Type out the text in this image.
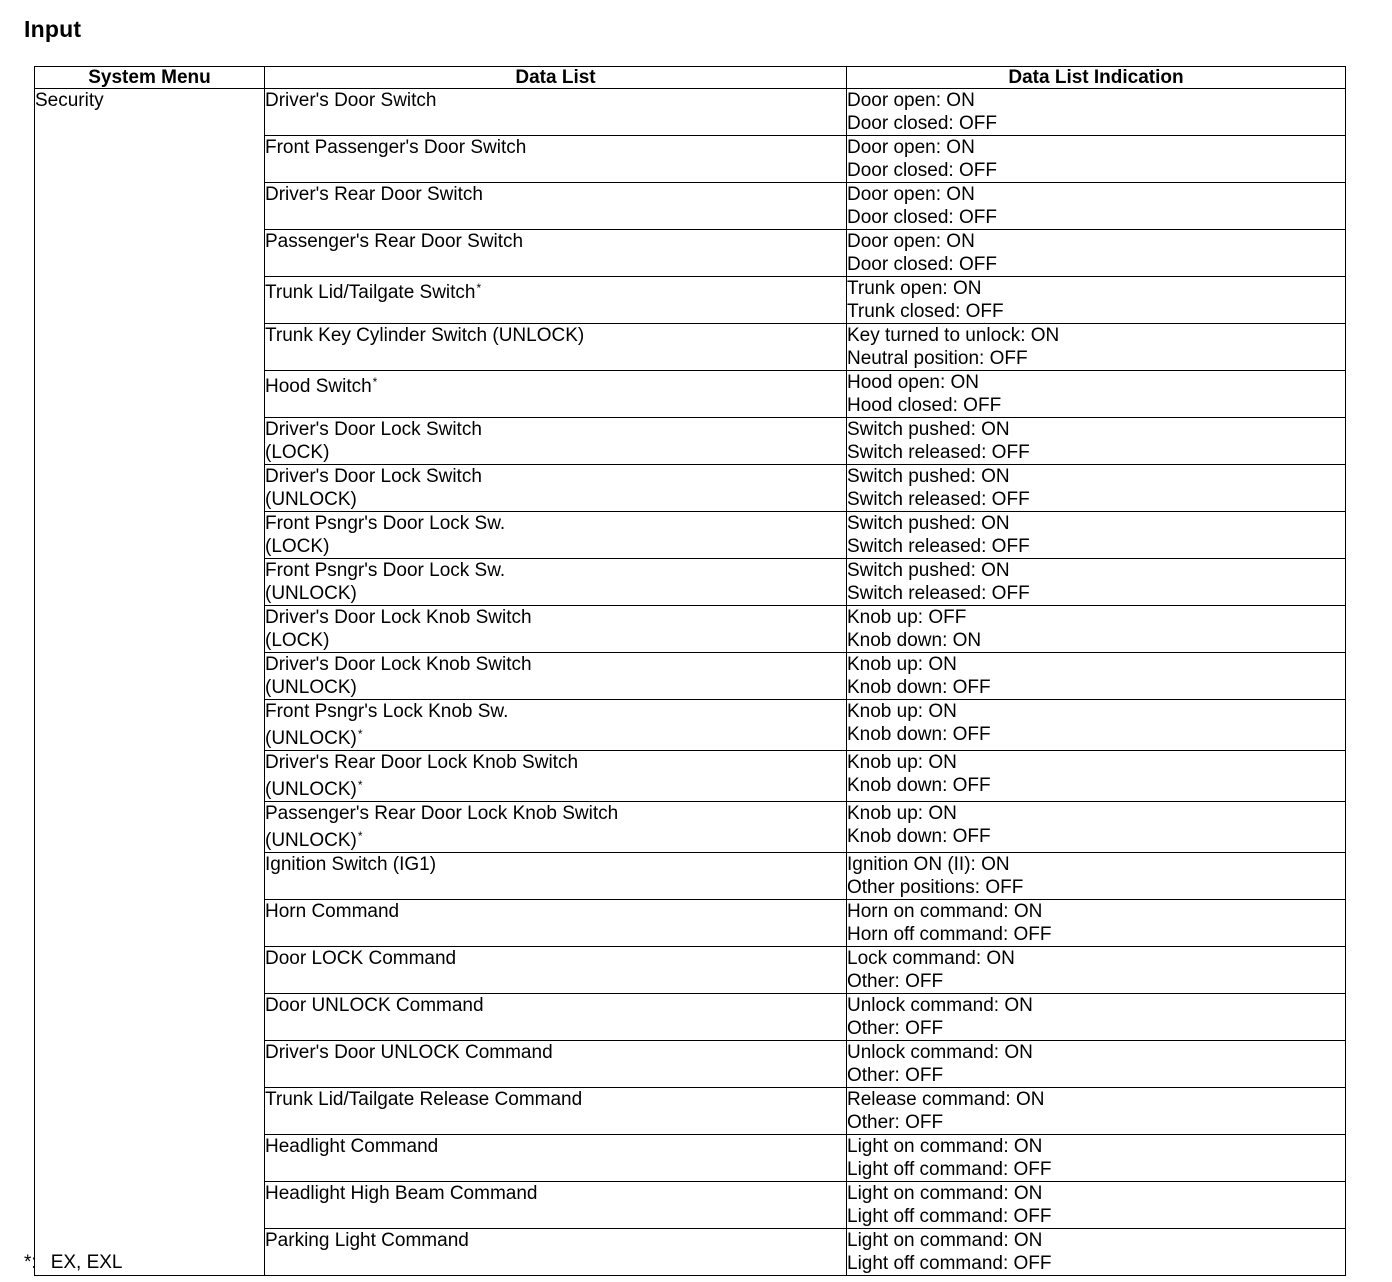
Input
System Menu	Data List	Data List Indication
Security	Driver's Door Switch	Door open: ON
Door closed: OFF

	Front Passenger's Door Switch	Door open: ON
Door closed: OFF

	Driver's Rear Door Switch	Door open: ON
Door closed: OFF

	Passenger's Rear Door Switch	Door open: ON
Door closed: OFF

	Trunk Lid/Tailgate Switch*	Trunk open: ON
Trunk closed: OFF

	Trunk Key Cylinder Switch (UNLOCK)	Key turned to unlock: ON
Neutral position: OFF

	Hood Switch*	Hood open: ON
Hood closed: OFF

	Driver's Door Lock Switch
(LOCK)	Switch pushed: ON
Switch released: OFF

	Driver's Door Lock Switch
(UNLOCK)	Switch pushed: ON
Switch released: OFF

	Front Psngr's Door Lock Sw.
(LOCK)	Switch pushed: ON
Switch released: OFF

	Front Psngr's Door Lock Sw.
(UNLOCK)	Switch pushed: ON
Switch released: OFF

	Driver's Door Lock Knob Switch
(LOCK)	Knob up: OFF
Knob down: ON

	Driver's Door Lock Knob Switch
(UNLOCK)	Knob up: ON
Knob down: OFF

	Front Psngr's Lock Knob Sw.
(UNLOCK)*	Knob up: ON
Knob down: OFF

	Driver's Rear Door Lock Knob Switch
(UNLOCK)*	Knob up: ON
Knob down: OFF

	Passenger's Rear Door Lock Knob Switch
(UNLOCK)*	Knob up: ON
Knob down: OFF

	Ignition Switch (IG1)	Ignition ON (II): ON
Other positions: OFF

	Horn Command	Horn on command: ON
Horn off command: OFF

	Door LOCK Command	Lock command: ON
Other: OFF

	Door UNLOCK Command	Unlock command: ON
Other: OFF

	Driver's Door UNLOCK Command	Unlock command: ON
Other: OFF

	Trunk Lid/Tailgate Release Command	Release command: ON
Other: OFF

	Headlight Command	Light on command: ON
Light off command: OFF

	Headlight High Beam Command	Light on command: ON
Light off command: OFF

	Parking Light Command	Light on command: ON
Light off command: OFF
*: EX, EXL
